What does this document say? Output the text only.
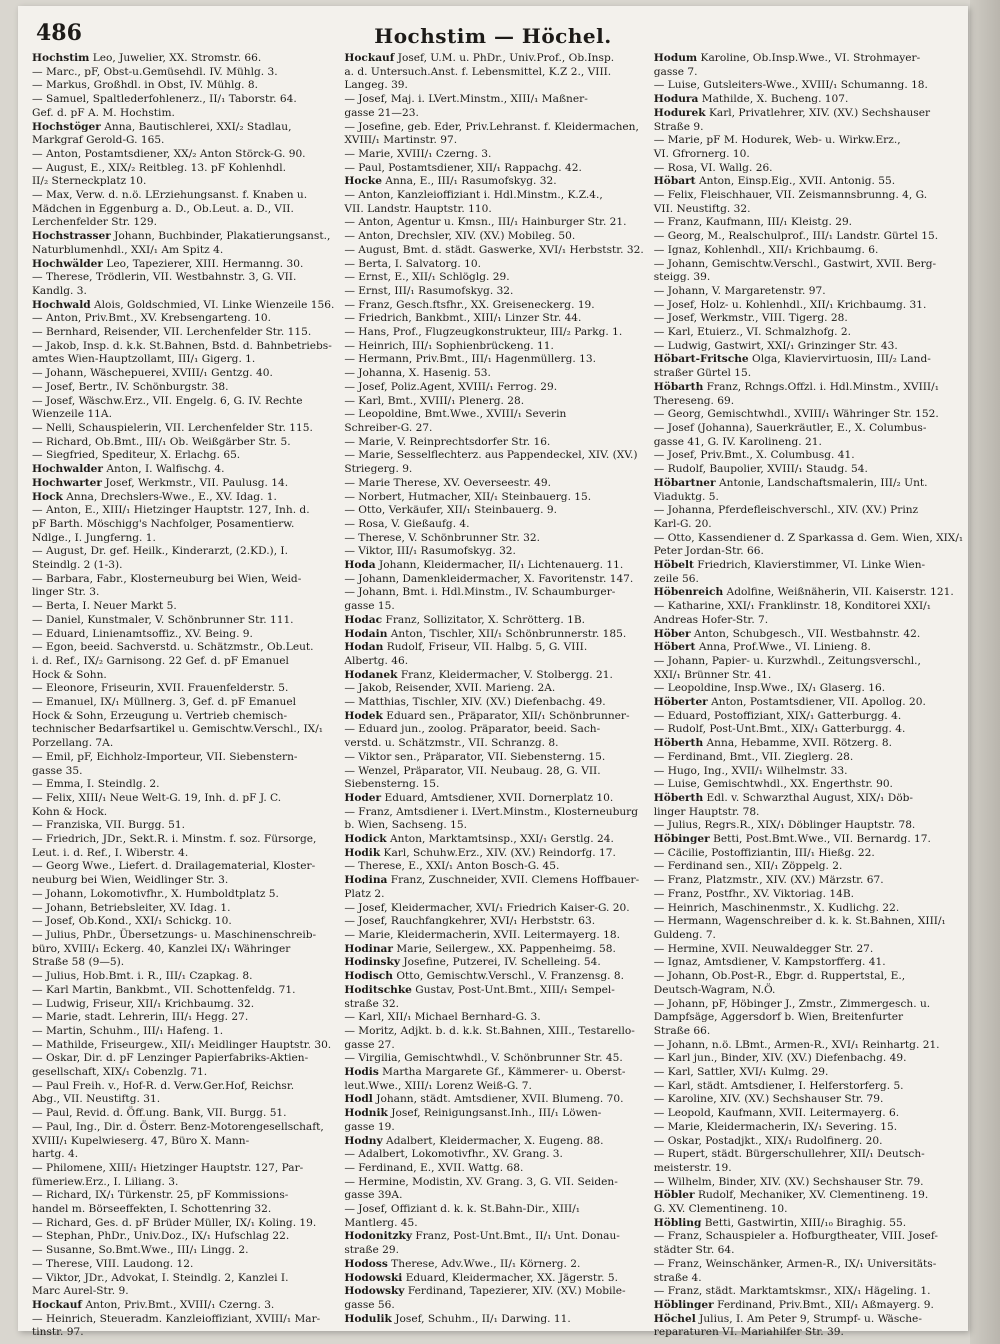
486	Hochstim — Höchel.
Hochstim Leo, Juwelier, XX. Stromstr. 66.
— Marc., pF, Obst-u.Gemüsehdl. IV. Mühlg. 3.
— Markus, Großhdl. in Obst, IV. Mühlg. 8.
— Samuel, Spaltlederfohlenerz., II/₁ Taborstr. 64.
Gef. d. pF A. M. Hochstim.
Hochstöger Anna, Bautischlerei, XXI/₂ Stadlau,
Markgraf Gerold-G. 165.
— Anton, Postamtsdiener, XX/₂ Anton Störck-G. 90.
— August, E., XIX/₂ Reitbleg. 13. pF Kohlenhdl.
II/₂ Sterneckplatz 10.
— Max, Verw. d. n.ö. LErziehungsanst. f. Knaben u.
Mädchen in Eggenburg a. D., Ob.Leut. a. D., VII.
Lerchenfelder Str. 129.
Hochstrasser Johann, Buchbinder, Plakatierungsanst.,
Naturblumenhdl., XXI/₁ Am Spitz 4.
Hochwälder Leo, Tapezierer, XIII. Hermanng. 30.
— Therese, Trödlerin, VII. Westbahnstr. 3, G. VII.
Kandlg. 3.
Hochwald Alois, Goldschmied, VI. Linke Wienzeile 156.
— Anton, Priv.Bmt., XV. Krebsengarteng. 10.
— Bernhard, Reisender, VII. Lerchenfelder Str. 115.
— Jakob, Insp. d. k.k. St.Bahnen, Bstd. d. Bahnbetriebs-
amtes Wien-Hauptzollamt, III/₁ Gigerg. 1.
— Johann, Wäschepuerei, XVIII/₁ Gentzg. 40.
— Josef, Bertr., IV. Schönburgstr. 38.
— Josef, Wäschw.Erz., VII. Engelg. 6, G. IV. Rechte
Wienzeile 11A.
— Nelli, Schauspielerin, VII. Lerchenfelder Str. 115.
— Richard, Ob.Bmt., III/₁ Ob. Weißgärber Str. 5.
— Siegfried, Spediteur, X. Erlachg. 65.
Hochwalder Anton, I. Walfischg. 4.
Hochwarter Josef, Werkmstr., VII. Paulusg. 14.
Hock Anna, Drechslers-Wwe., E., XV. Idag. 1.
— Anton, E., XIII/₁ Hietzinger Hauptstr. 127, Inh. d.
pF Barth. Möschigg's Nachfolger, Posamentierw.
Ndlge., I. Jungferng. 1.
— August, Dr. gef. Heilk., Kinderarzt, (2.KD.), I.
Steindlg. 2 (1-3).
— Barbara, Fabr., Klosterneuburg bei Wien, Weid-
linger Str. 3.
— Berta, I. Neuer Markt 5.
— Daniel, Kunstmaler, V. Schönbrunner Str. 111.
— Eduard, Linienamtsoffiz., XV. Being. 9.
— Egon, beeid. Sachverstd. u. Schätzmstr., Ob.Leut.
i. d. Ref., IX/₂ Garnisong. 22 Gef. d. pF Emanuel
Hock & Sohn.
— Eleonore, Friseurin, XVII. Frauenfelderstr. 5.
— Emanuel, IX/₁ Müllnerg. 3, Gef. d. pF Emanuel
Hock & Sohn, Erzeugung u. Vertrieb chemisch-
technischer Bedarfsartikel u. Gemischtw.Verschl., IX/₁
Porzellang. 7A.
— Emil, pF, Eichholz-Importeur, VII. Siebenstern-
gasse 35.
— Emma, I. Steindlg. 2.
— Felix, XIII/₁ Neue Welt-G. 19, Inh. d. pF J. C.
Kohn & Hock.
— Franziska, VII. Burgg. 51.
— Friedrich, JDr., Sekt.R. i. Minstm. f. soz. Fürsorge,
Leut. i. d. Ref., I. Wiberstr. 4.
— Georg Wwe., Liefert. d. Drailagematerial, Kloster-
neuburg bei Wien, Weidlinger Str. 3.
— Johann, Lokomotivfhr., X. Humboldtplatz 5.
— Johann, Betriebsleiter, XV. Idag. 1.
— Josef, Ob.Kond., XXI/₁ Schickg. 10.
— Julius, PhDr., Übersetzungs- u. Maschinenschreib-
büro, XVIII/₁ Eckerg. 40, Kanzlei IX/₁ Währinger
Straße 58 (9—5).
— Julius, Hob.Bmt. i. R., III/₁ Czapkag. 8.
— Karl Martin, Bankbmt., VII. Schottenfeldg. 71.
— Ludwig, Friseur, XII/₁ Krichbaumg. 32.
— Marie, stadt. Lehrerin, III/₁ Hegg. 27.
— Martin, Schuhm., III/₁ Hafeng. 1.
— Mathilde, Friseurgew., XII/₁ Meidlinger Hauptstr. 30.
— Oskar, Dir. d. pF Lenzinger Papierfabriks-Aktien-
gesellschaft, XIX/₁ Cobenzlg. 71.
— Paul Freih. v., Hof-R. d. Verw.Ger.Hof, Reichsr.
Abg., VII. Neustiftg. 31.
— Paul, Revid. d. Öff.ung. Bank, VII. Burgg. 51.
— Paul, Ing., Dir. d. Österr. Benz-Motorengesellschaft,
XVIII/₁ Kupelwieserg. 47, Büro X. Mann-
hartg. 4.
— Philomene, XIII/₁ Hietzinger Hauptstr. 127, Par-
fümeriew.Erz., I. Liliang. 3.
— Richard, IX/₁ Türkenstr. 25, pF Kommissions-
handel m. Börseeffekten, I. Schottenring 32.
— Richard, Ges. d. pF Brüder Müller, IX/₁ Koling. 19.
— Stephan, PhDr., Univ.Doz., IX/₁ Hufschlag 22.
— Susanne, So.Bmt.Wwe., III/₁ Lingg. 2.
— Therese, VIII. Laudong. 12.
— Viktor, JDr., Advokat, I. Steindlg. 2, Kanzlei I.
Marc Aurel-Str. 9.
Hockauf Anton, Priv.Bmt., XVIII/₁ Czerng. 3.
— Heinrich, Steueradm. Kanzleioffiziant, XVIII/₁ Mar-
tinstr. 97.
Hockauf Josef, U.M. u. PhDr., Univ.Prof., Ob.Insp.
a. d. Untersuch.Anst. f. Lebensmittel, K.Z 2., VIII.
Langeg. 39.
— Josef, Maj. i. LVert.Minstm., XIII/₁ Maßner-
gasse 21—23.
— Josefine, geb. Eder, Priv.Lehranst. f. Kleidermachen,
XVIII/₁ Martinstr. 97.
— Marie, XVIII/₁ Czerng. 3.
— Paul, Postamtsdiener, XII/₁ Rappachg. 42.
Hocke Anna, E., III/₁ Rasumofskyg. 32.
— Anton, Kanzleioffiziant i. Hdl.Minstm., K.Z.4.,
VII. Landstr. Hauptstr. 110.
— Anton, Agentur u. Kmsn., III/₁ Hainburger Str. 21.
— Anton, Drechsler, XIV. (XV.) Mobileg. 50.
— August, Bmt. d. städt. Gaswerke, XVI/₁ Herbststr. 32.
— Berta, I. Salvatorg. 10.
— Ernst, E., XII/₁ Schlöglg. 29.
— Ernst, III/₁ Rasumofskyg. 32.
— Franz, Gesch.ftsfhr., XX. Greiseneckerg. 19.
— Friedrich, Bankbmt., XIII/₁ Linzer Str. 44.
— Hans, Prof., Flugzeugkonstrukteur, III/₂ Parkg. 1.
— Heinrich, III/₁ Sophienbrückeng. 11.
— Hermann, Priv.Bmt., III/₁ Hagenmüllerg. 13.
— Johanna, X. Hasenig. 53.
— Josef, Poliz.Agent, XVIII/₁ Ferrog. 29.
— Karl, Bmt., XVIII/₁ Plenerg. 28.
— Leopoldine, Bmt.Wwe., XVIII/₁ Severin
Schreiber-G. 27.
— Marie, V. Reinprechtsdorfer Str. 16.
— Marie, Sesselflechterz. aus Pappendeckel, XIV. (XV.)
Striegerg. 9.
— Marie Therese, XV. Oeverseestr. 49.
— Norbert, Hutmacher, XII/₁ Steinbauerg. 15.
— Otto, Verkäufer, XII/₁ Steinbauerg. 9.
— Rosa, V. Gießaufg. 4.
— Therese, V. Schönbrunner Str. 32.
— Viktor, III/₁ Rasumofskyg. 32.
Hoda Johann, Kleidermacher, II/₁ Lichtenauerg. 11.
— Johann, Damenkleidermacher, X. Favoritenstr. 147.
— Johann, Bmt. i. Hdl.Minstm., IV. Schaumburger-
gasse 15.
Hodac Franz, Sollizitator, X. Schrötterg. 1B.
Hodain Anton, Tischler, XII/₁ Schönbrunnerstr. 185.
Hodan Rudolf, Friseur, VII. Halbg. 5, G. VIII.
Albertg. 46.
Hodanek Franz, Kleidermacher, V. Stolbergg. 21.
— Jakob, Reisender, XVII. Marieng. 2A.
— Matthias, Tischler, XIV. (XV.) Diefenbachg. 49.
Hodek Eduard sen., Präparator, XII/₁ Schönbrunner-
— Eduard jun., zoolog. Präparator, beeid. Sach-
verstd. u. Schätzmstr., VII. Schranzg. 8.
— Viktor sen., Präparator, VII. Siebensterng. 15.
— Wenzel, Präparator, VII. Neubaug. 28, G. VII.
Siebensterng. 15.
Hoder Eduard, Amtsdiener, XVII. Dornerplatz 10.
— Franz, Amtsdiener i. LVert.Minstm., Klosterneuburg
b. Wien, Sachseng. 15.
Hodick Anton, Marktamtsinsp., XXI/₁ Gerstlg. 24.
Hodik Karl, Schuhw.Erz., XIV. (XV.) Reindorfg. 17.
— Therese, E., XXI/₁ Anton Bosch-G. 45.
Hodina Franz, Zuschneider, XVII. Clemens Hoffbauer-
Platz 2.
— Josef, Kleidermacher, XVI/₁ Friedrich Kaiser-G. 20.
— Josef, Rauchfangkehrer, XVI/₁ Herbststr. 63.
— Marie, Kleidermacherin, XVII. Leitermayerg. 18.
Hodinar Marie, Seilergew., XX. Pappenheimg. 58.
Hodinsky Josefine, Putzerei, IV. Schelleing. 54.
Hodisch Otto, Gemischtw.Verschl., V. Franzensg. 8.
Hoditschke Gustav, Post-Unt.Bmt., XIII/₁ Sempel-
straße 32.
— Karl, XII/₁ Michael Bernhard-G. 3.
— Moritz, Adjkt. b. d. k.k. St.Bahnen, XIII., Testarello-
gasse 27.
— Virgilia, Gemischtwhdl., V. Schönbrunner Str. 45.
Hodis Martha Margarete Gf., Kämmerer- u. Oberst-
leut.Wwe., XIII/₁ Lorenz Weiß-G. 7.
Hodl Johann, städt. Amtsdiener, XVII. Blumeng. 70.
Hodnik Josef, Reinigungsanst.Inh., III/₁ Löwen-
gasse 19.
Hodny Adalbert, Kleidermacher, X. Eugeng. 88.
— Adalbert, Lokomotivfhr., XV. Grang. 3.
— Ferdinand, E., XVII. Wattg. 68.
— Hermine, Modistin, XV. Grang. 3, G. VII. Seiden-
gasse 39A.
— Josef, Offiziant d. k. k. St.Bahn-Dir., XIII/₁
Mantlerg. 45.
Hodonitzky Franz, Post-Unt.Bmt., II/₁ Unt. Donau-
straße 29.
Hodoss Therese, Adv.Wwe., II/₁ Körnerg. 2.
Hodowski Eduard, Kleidermacher, XX. Jägerstr. 5.
Hodowsky Ferdinand, Tapezierer, XIV. (XV.) Mobile-
gasse 56.
Hodulik Josef, Schuhm., II/₁ Darwing. 11.
Hodum Karoline, Ob.Insp.Wwe., VI. Strohmayer-
gasse 7.
— Luise, Gutsleiters-Wwe., XVIII/₁ Schumanng. 18.
Hodura Mathilde, X. Bucheng. 107.
Hodurek Karl, Privatlehrer, XIV. (XV.) Sechshauser
Straße 9.
— Marie, pF M. Hodurek, Web- u. Wirkw.Erz.,
VI. Gfrornerg. 10.
— Rosa, VI. Wallg. 26.
Höbart Anton, Einsp.Eig., XVII. Antonig. 55.
— Felix, Fleischhauer, VII. Zeismannsbrunng. 4, G.
VII. Neustiftg. 32.
— Franz, Kaufmann, III/₁ Kleistg. 29.
— Georg, M., Realschulprof., III/₁ Landstr. Gürtel 15.
— Ignaz, Kohlenhdl., XII/₁ Krichbaumg. 6.
— Johann, Gemischtw.Verschl., Gastwirt, XVII. Berg-
steigg. 39.
— Johann, V. Margaretenstr. 97.
— Josef, Holz- u. Kohlenhdl., XII/₁ Krichbaumg. 31.
— Josef, Werkmstr., VIII. Tigerg. 28.
— Karl, Etuierz., VI. Schmalzhofg. 2.
— Ludwig, Gastwirt, XXI/₁ Grinzinger Str. 43.
Höbart-Fritsche Olga, Klaviervirtuosin, III/₂ Land-
straßer Gürtel 15.
Höbarth Franz, Rchngs.Offzl. i. Hdl.Minstm., XVIII/₁
Thereseng. 69.
— Georg, Gemischtwhdl., XVIII/₁ Währinger Str. 152.
— Josef (Johanna), Sauerkräutler, E., X. Columbus-
gasse 41, G. IV. Karolineng. 21.
— Josef, Priv.Bmt., X. Columbusg. 41.
— Rudolf, Baupolier, XVIII/₁ Staudg. 54.
Höbartner Antonie, Landschaftsmalerin, III/₂ Unt.
Viaduktg. 5.
— Johanna, Pferdefleischverschl., XIV. (XV.) Prinz
Karl-G. 20.
— Otto, Kassendiener d. Z Sparkassa d. Gem. Wien, XIX/₁
Peter Jordan-Str. 66.
Höbelt Friedrich, Klavierstimmer, VI. Linke Wien-
zeile 56.
Höbenreich Adolfine, Weißnäherin, VII. Kaiserstr. 121.
— Katharine, XXI/₁ Franklinstr. 18, Konditorei XXI/₁
Andreas Hofer-Str. 7.
Höber Anton, Schubgesch., VII. Westbahnstr. 42.
Höbert Anna, Prof.Wwe., VI. Linieng. 8.
— Johann, Papier- u. Kurzwhdl., Zeitungsverschl.,
XXI/₁ Brünner Str. 41.
— Leopoldine, Insp.Wwe., IX/₁ Glaserg. 16.
Höberter Anton, Postamtsdiener, VII. Apollog. 20.
— Eduard, Postoffiziant, XIX/₁ Gatterburgg. 4.
— Rudolf, Post-Unt.Bmt., XIX/₁ Gatterburgg. 4.
Höberth Anna, Hebamme, XVII. Rötzerg. 8.
— Ferdinand, Bmt., VII. Zieglerg. 28.
— Hugo, Ing., XVII/₁ Wilhelmstr. 33.
— Luise, Gemischtwhdl., XX. Engerthstr. 90.
Höberth Edl. v. Schwarzthal August, XIX/₁ Döb-
linger Hauptstr. 78.
— Julius, Regrs.R., XIX/₁ Döblinger Hauptstr. 78.
Höbinger Betti, Post.Bmt.Wwe., VII. Bernardg. 17.
— Cäcilie, Postoffiziantin, III/₁ Hießg. 22.
— Ferdinand sen., XII/₁ Zöppelg. 2.
— Franz, Platzmstr., XIV. (XV.) Märzstr. 67.
— Franz, Postfhr., XV. Viktoriag. 14B.
— Heinrich, Maschinenmstr., X. Kudlichg. 22.
— Hermann, Wagenschreiber d. k. k. St.Bahnen, XIII/₁
Guldeng. 7.
— Hermine, XVII. Neuwaldegger Str. 27.
— Ignaz, Amtsdiener, V. Kampstorfferg. 41.
— Johann, Ob.Post-R., Ebgr. d. Ruppertstal, E.,
Deutsch-Wagram, N.Ö.
— Johann, pF, Höbinger J., Zmstr., Zimmergesch. u.
Dampfsäge, Aggersdorf b. Wien, Breitenfurter
Straße 66.
— Johann, n.ö. LBmt., Armen-R., XVI/₁ Reinhartg. 21.
— Karl jun., Binder, XIV. (XV.) Diefenbachg. 49.
— Karl, Sattler, XVI/₁ Kulmg. 29.
— Karl, städt. Amtsdiener, I. Helferstorferg. 5.
— Karoline, XIV. (XV.) Sechshauser Str. 79.
— Leopold, Kaufmann, XVII. Leitermayerg. 6.
— Marie, Kleidermacherin, IX/₁ Severing. 15.
— Oskar, Postadjkt., XIX/₁ Rudolfinerg. 20.
— Rupert, städt. Bürgerschullehrer, XII/₁ Deutsch-
meisterstr. 19.
— Wilhelm, Binder, XIV. (XV.) Sechshauser Str. 79.
Höbler Rudolf, Mechaniker, XV. Clementineng. 19.
G. XV. Clementineng. 10.
Höbling Betti, Gastwirtin, XIII/₁₀ Biraghig. 55.
— Franz, Schauspieler a. Hofburgtheater, VIII. Josef-
städter Str. 64.
— Franz, Weinschänker, Armen-R., IX/₁ Universitäts-
straße 4.
— Franz, städt. Marktamtskmsr., XIX/₁ Hägeling. 1.
Höblinger Ferdinand, Priv.Bmt., XII/₁ Aßmayerg. 9.
Höchel Julius, I. Am Peter 9, Strumpf- u. Wäsche-
reparaturen VI. Mariahilfer Str. 39.
